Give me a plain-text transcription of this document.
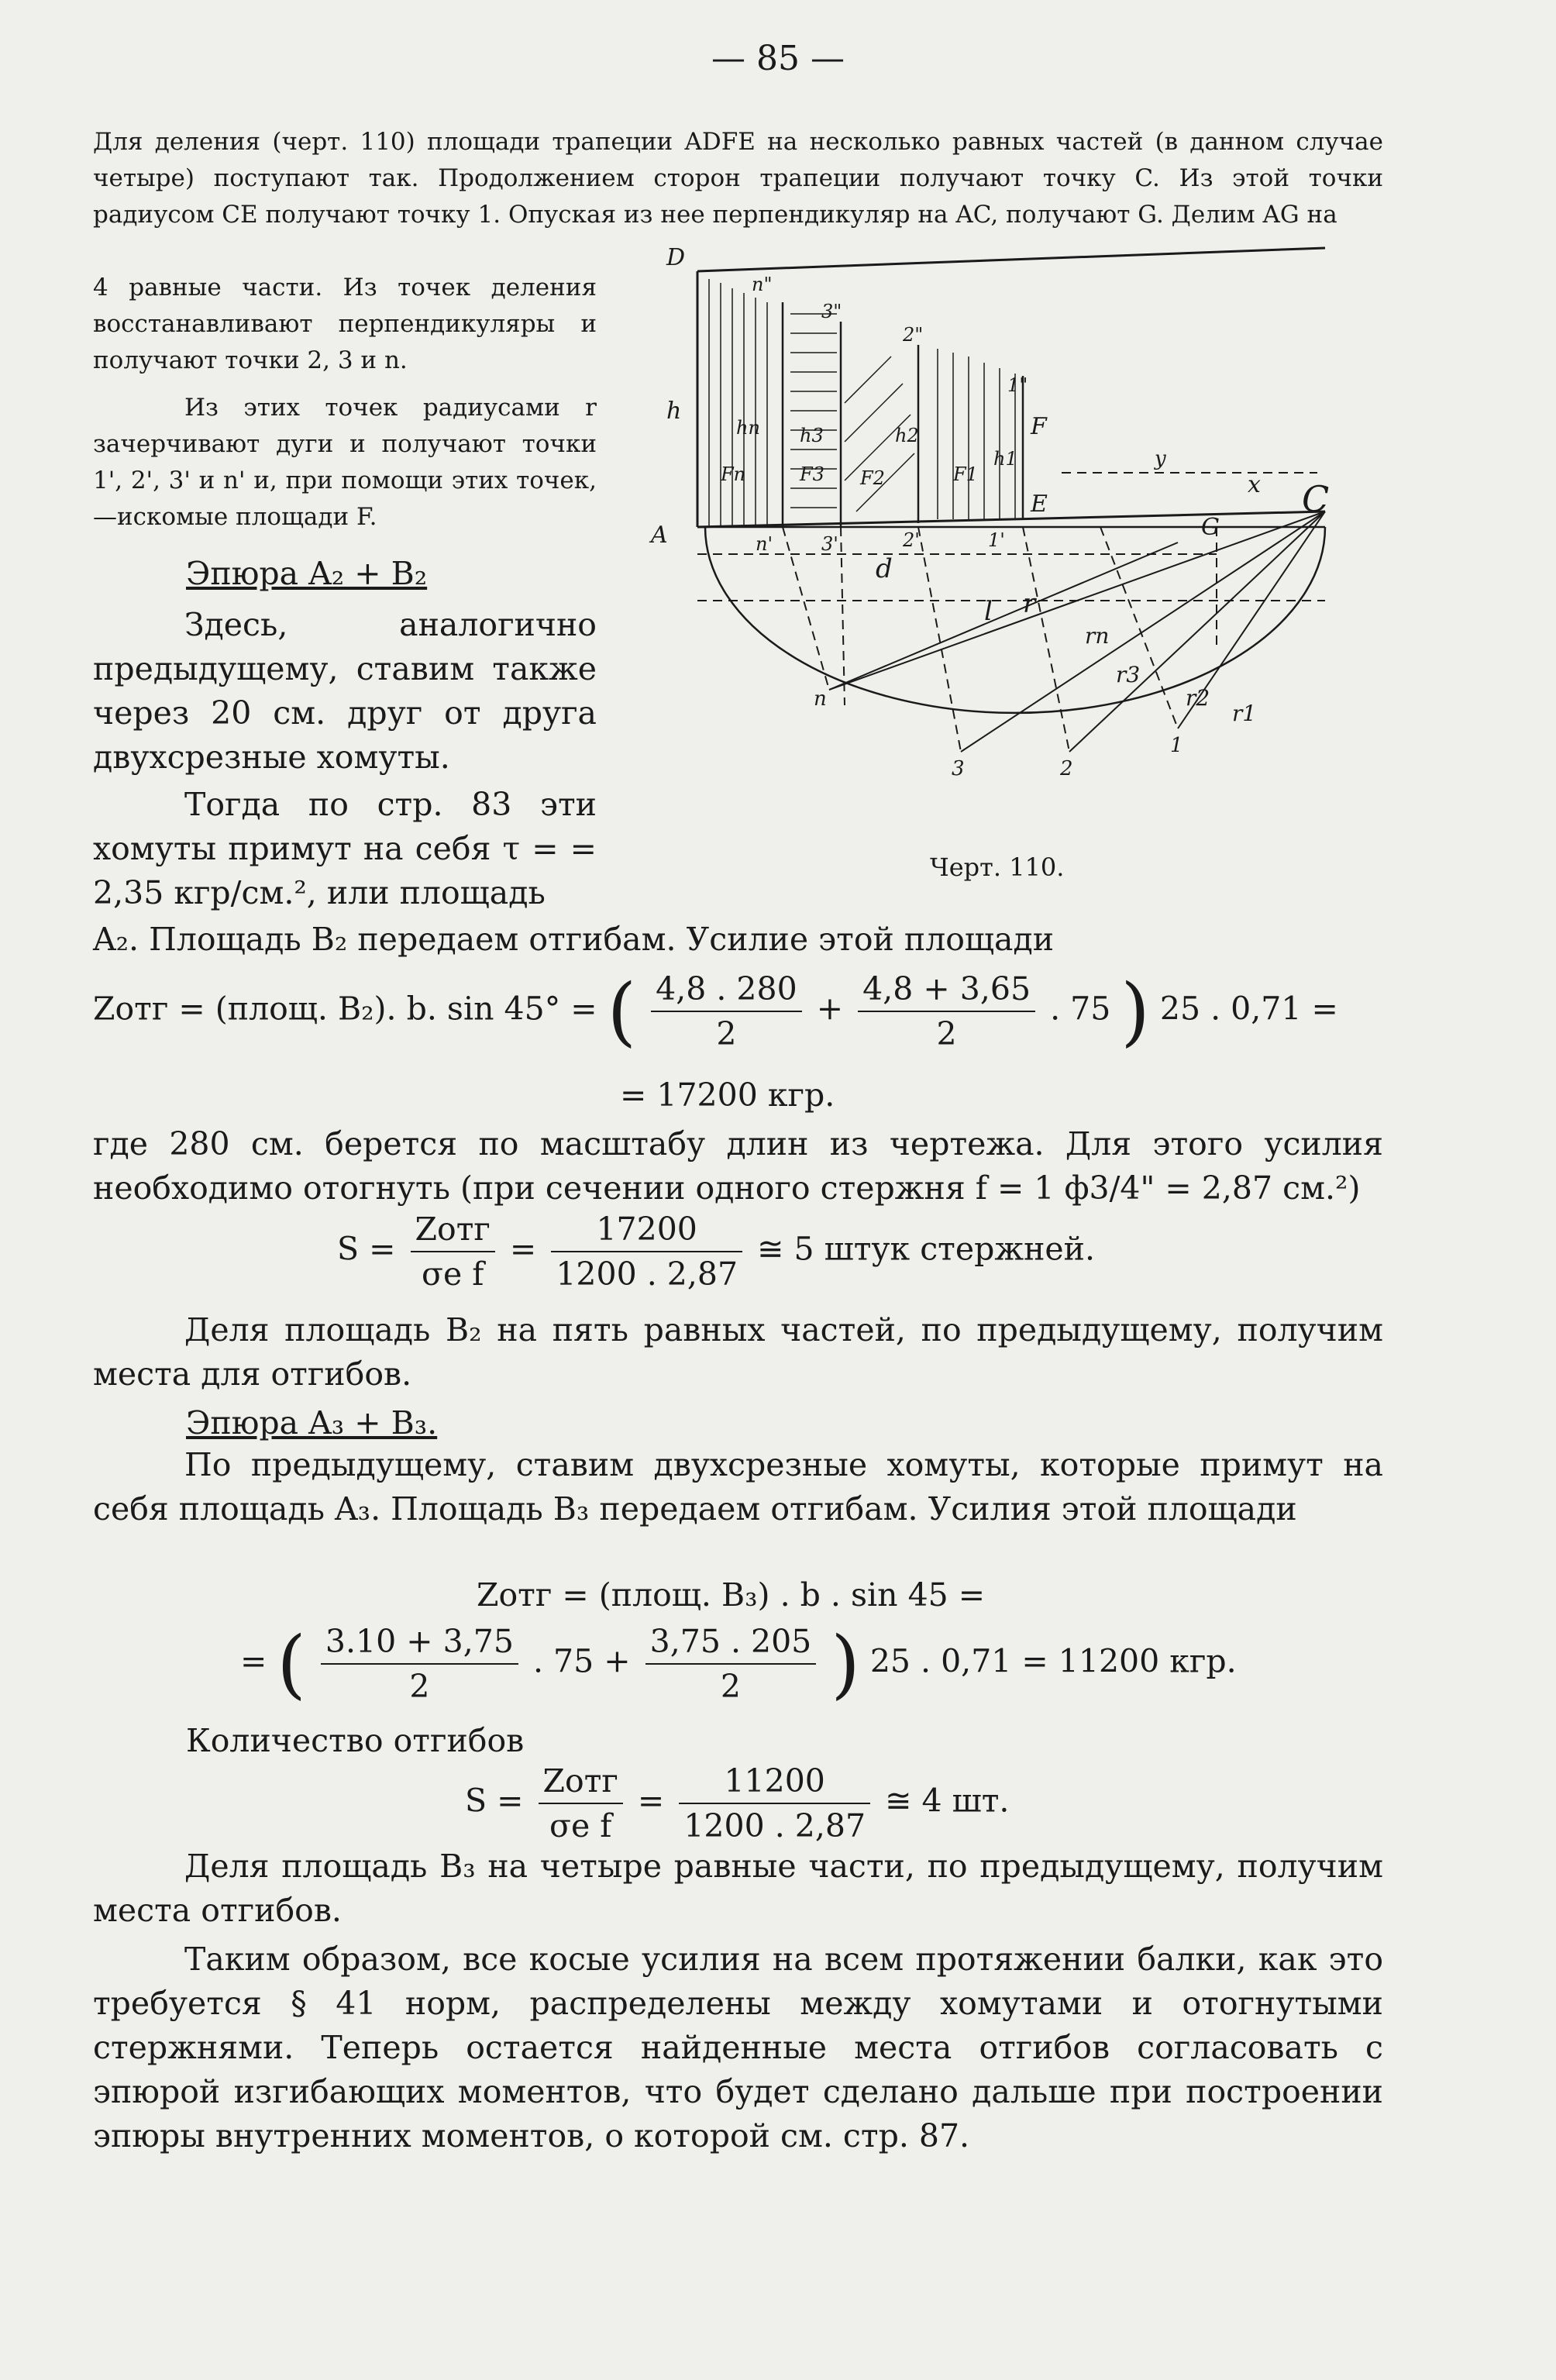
— 85 —

Для деления (черт. 110) площади трапеции ADFE на несколько равных частей (в данном случае четыре) поступают так. Продолжением сторон трапеции получают точку C. Из этой точки радиусом CE получают точку 1. Опуская из нее перпендикуляр на AC, получают G. Делим AG на

4 равные части. Из точек деления восстанавливают перпендикуляры и получают точки 2, 3 и n.

Из этих точек радиусами r зачерчивают дуги и получают точки 1', 2', 3' и n' и, при помощи этих точек,—искомые площади F.

Эпюра A₂ + B₂

Здесь, аналогично предыдущему, ставим также через 20 см. друг от друга двухсрезные хомуты.

Тогда по стр. 83 эти хомуты примут на себя τ = = 2,35 кгр/см.², или площадь

A₂. Площадь B₂ передаем отгибам. Усилие этой площади

D
A
C
G
E
F
h
hn h3	h2
h1
Fn	F3 F2	F1
n"
3"
2"
1"
n'	3'	2'	1'
d
l
x
y
r
rn
r3
r2
r1
n
3	2
1
Черт. 110.
Zотг = (площ. B₂). b. sin 45° = ( $\frac{4,8 . 280}{2} + \frac{4,8 + 3,65}{2}$ . 75 ) 25 . 0,71 =
= 17200 кгр.

где 280 см. берется по масштабу длин из чертежа. Для этого усилия необходимо отогнуть (при сечении одного стержня f = 1 ф3/4" = 2,87 см.²)

$S = \frac{\text{Zотг}}{\text{σe f}} = \frac{17200}{1200 . 2,87}$ ≅ 5 штук стержней.

Деля площадь B₂ на пять равных частей, по предыдущему, получим места для отгибов.

Эпюра A₃ + B₃.

По предыдущему, ставим двухсрезные хомуты, которые примут на себя площадь A₃. Площадь B₃ передаем отгибам. Усилия этой площади

Zотг = (площ. B₃) . b . sin 45 =
= ( $\frac{3.10 + 3,75}{2}$ . $75 + \frac{3,75 . 205}{2}$ ) 25 . 0,71 = 11200 кгр.

Количество отгибов

$S = \frac{\text{Zотг}}{\text{σe f}} = \frac{11200}{1200 . 2,87}$ ≅ 4 шт.

Деля площадь B₃ на четыре равные части, по предыдущему, получим места отгибов.

Таким образом, все косые усилия на всем протяжении балки, как это требуется § 41 норм, распределены между хомутами и отогнутыми стержнями. Теперь остается найденные места отгибов согласовать с эпюрой изгибающих моментов, что будет сделано дальше при построении эпюры внутренних моментов, о которой см. стр. 87.
